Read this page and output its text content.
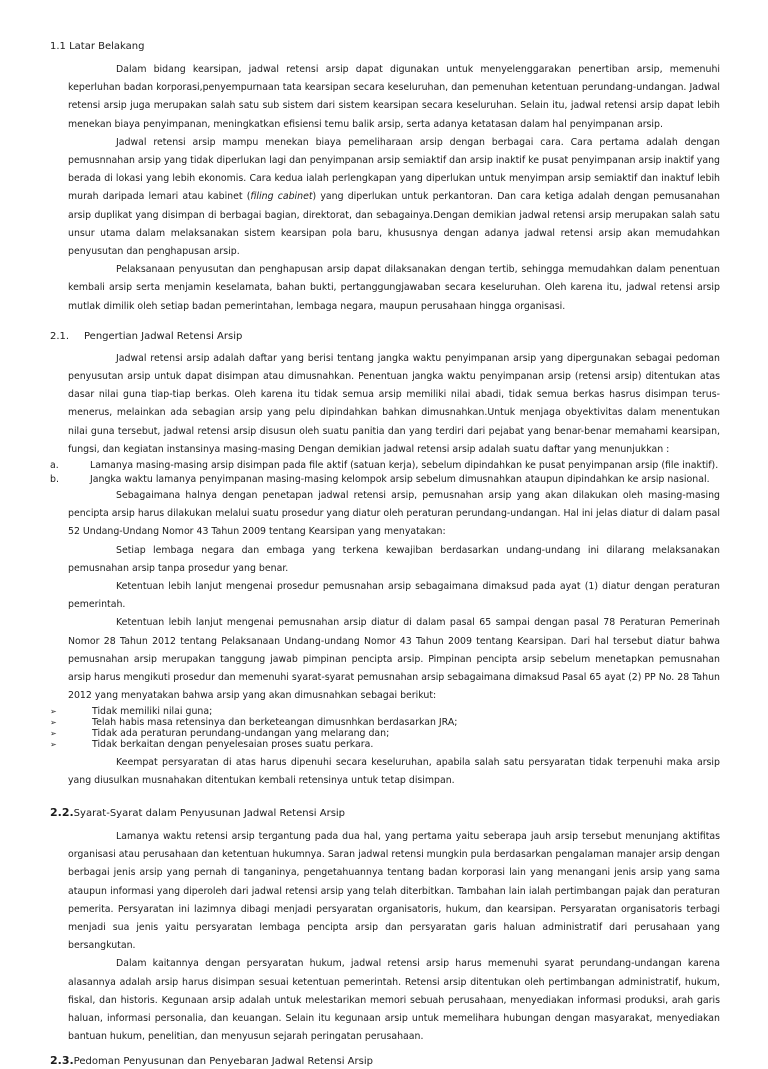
1.1 Latar Belakang

Dalam bidang kearsipan, jadwal retensi arsip dapat digunakan untuk menyelenggarakan penertiban arsip, memenuhi keperluhan badan korporasi,penyempurnaan tata kearsipan secara keseluruhan, dan pemenuhan ketentuan perundang-undangan. Jadwal retensi arsip juga merupakan salah satu sub sistem dari sistem kearsipan secara keseluruhan. Selain itu, jadwal retensi arsip dapat lebih menekan biaya penyimpanan, meningkatkan efisiensi temu balik arsip, serta adanya ketatasan dalam hal penyimpanan arsip.

Jadwal retensi arsip mampu menekan biaya pemeliharaan arsip dengan berbagai cara. Cara pertama adalah dengan pemusnnahan arsip yang tidak diperlukan lagi dan penyimpanan arsip semiaktif dan arsip inaktif ke pusat penyimpanan arsip inaktif yang berada di lokasi yang lebih ekonomis. Cara kedua ialah perlengkapan yang diperlukan untuk menyimpan arsip semiaktif dan inaktuf lebih murah daripada lemari atau kabinet (filing cabinet) yang diperlukan untuk perkantoran. Dan cara ketiga adalah dengan pemusanahan arsip duplikat yang disimpan di berbagai bagian, direktorat, dan sebagainya.Dengan demikian jadwal retensi arsip merupakan salah satu unsur utama dalam melaksanakan sistem kearsipan pola baru, khususnya dengan adanya jadwal retensi arsip akan memudahkan penyusutan dan penghapusan arsip.

Pelaksanaan penyusutan dan penghapusan arsip dapat dilaksanakan dengan tertib, sehingga memudahkan dalam penentuan kembali arsip serta menjamin keselamata, bahan bukti, pertanggungjawaban secara keseluruhan. Oleh karena itu, jadwal retensi arsip mutlak dimilik oleh setiap badan pemerintahan, lembaga negara, maupun perusahaan hingga organisasi.

2.1. Pengertian Jadwal Retensi Arsip

Jadwal retensi arsip adalah daftar yang berisi tentang jangka waktu penyimpanan arsip yang dipergunakan sebagai pedoman penyusutan arsip untuk dapat disimpan atau dimusnahkan. Penentuan jangka waktu penyimpanan arsip (retensi arsip) ditentukan atas dasar nilai guna tiap-tiap berkas. Oleh karena itu tidak semua arsip memiliki nilai abadi, tidak semua berkas hasrus disimpan terus-menerus, melainkan ada sebagian arsip yang pelu dipindahkan bahkan dimusnahkan.Untuk menjaga obyektivitas dalam menentukan nilai guna tersebut, jadwal retensi arsip disusun oleh suatu panitia dan yang terdiri dari pejabat yang benar-benar memahami kearsipan, fungsi, dan kegiatan instansinya masing-masing Dengan demikian jadwal retensi arsip adalah suatu daftar yang menunjukkan :

a.	Lamanya masing-masing arsip disimpan pada file aktif (satuan kerja), sebelum dipindahkan ke pusat penyimpanan arsip (file inaktif).
b.	Jangka waktu lamanya penyimpanan masing-masing kelompok arsip sebelum dimusnahkan ataupun dipindahkan ke arsip nasional.

Sebagaimana halnya dengan penetapan jadwal retensi arsip, pemusnahan arsip yang akan dilakukan oleh masing-masing pencipta arsip harus dilakukan melalui suatu prosedur yang diatur oleh peraturan perundang-undangan. Hal ini jelas diatur di dalam pasal 52 Undang-Undang Nomor 43 Tahun 2009 tentang Kearsipan yang menyatakan:

Setiap lembaga negara dan embaga yang terkena kewajiban berdasarkan undang-undang ini dilarang melaksanakan pemusnahan arsip tanpa prosedur yang benar.

Ketentuan lebih lanjut mengenai prosedur pemusnahan arsip sebagaimana dimaksud pada ayat (1) diatur dengan peraturan pemerintah.

Ketentuan lebih lanjut mengenai pemusnahan arsip diatur di dalam pasal 65 sampai dengan pasal 78 Peraturan Pemerinah Nomor 28 Tahun 2012 tentang Pelaksanaan Undang-undang Nomor 43 Tahun 2009 tentang Kearsipan. Dari hal tersebut diatur bahwa pemusnahan arsip merupakan tanggung jawab pimpinan pencipta arsip. Pimpinan pencipta arsip sebelum menetapkan pemusnahan arsip harus mengikuti prosedur dan memenuhi syarat-syarat pemusnahan arsip sebagaimana dimaksud Pasal 65 ayat (2) PP No. 28 Tahun 2012 yang menyatakan bahwa arsip yang akan dimusnahkan sebagai berikut:

➢	Tidak memiliki nilai guna;
➢	Telah habis masa retensinya dan berketeangan dimusnhkan berdasarkan JRA;
➢	Tidak ada peraturan perundang-undangan yang melarang dan;
➢	Tidak berkaitan dengan penyelesaian proses suatu perkara.

Keempat persyaratan di atas harus dipenuhi secara keseluruhan, apabila salah satu persyaratan tidak terpenuhi maka arsip yang diusulkan musnahakan ditentukan kembali retensinya untuk tetap disimpan.

2.2.Syarat-Syarat dalam Penyusunan Jadwal Retensi Arsip

Lamanya waktu retensi arsip tergantung pada dua hal, yang pertama yaitu seberapa jauh arsip tersebut menunjang aktifitas organisasi atau perusahaan dan ketentuan hukumnya. Saran jadwal retensi mungkin pula berdasarkan pengalaman manajer arsip dengan berbagai jenis arsip yang pernah di tanganinya, pengetahuannya tentang badan korporasi lain yang menangani jenis arsip yang sama ataupun informasi yang diperoleh dari jadwal retensi arsip yang telah diterbitkan. Tambahan lain ialah pertimbangan pajak dan peraturan pemerita. Persyaratan ini lazimnya dibagi menjadi persyaratan organisatoris, hukum, dan kearsipan. Persyaratan organisatoris terbagi menjadi sua jenis yaitu persyaratan lembaga pencipta arsip dan persyaratan garis haluan administratif dari perusahaan yang bersangkutan.

Dalam kaitannya dengan persyaratan hukum, jadwal retensi arsip harus memenuhi syarat perundang-undangan karena alasannya adalah arsip harus disimpan sesuai ketentuan pemerintah. Retensi arsip ditentukan oleh pertimbangan administratif, hukum, fiskal, dan historis. Kegunaan arsip adalah untuk melestarikan memori sebuah perusahaan, menyediakan informasi produksi, arah garis haluan, informasi personalia, dan keuangan. Selain itu kegunaan arsip untuk memelihara hubungan dengan masyarakat, menyediakan bantuan hukum, penelitian, dan menyusun sejarah peringatan perusahaan.

2.3.Pedoman Penyusunan dan Penyebaran Jadwal Retensi Arsip
